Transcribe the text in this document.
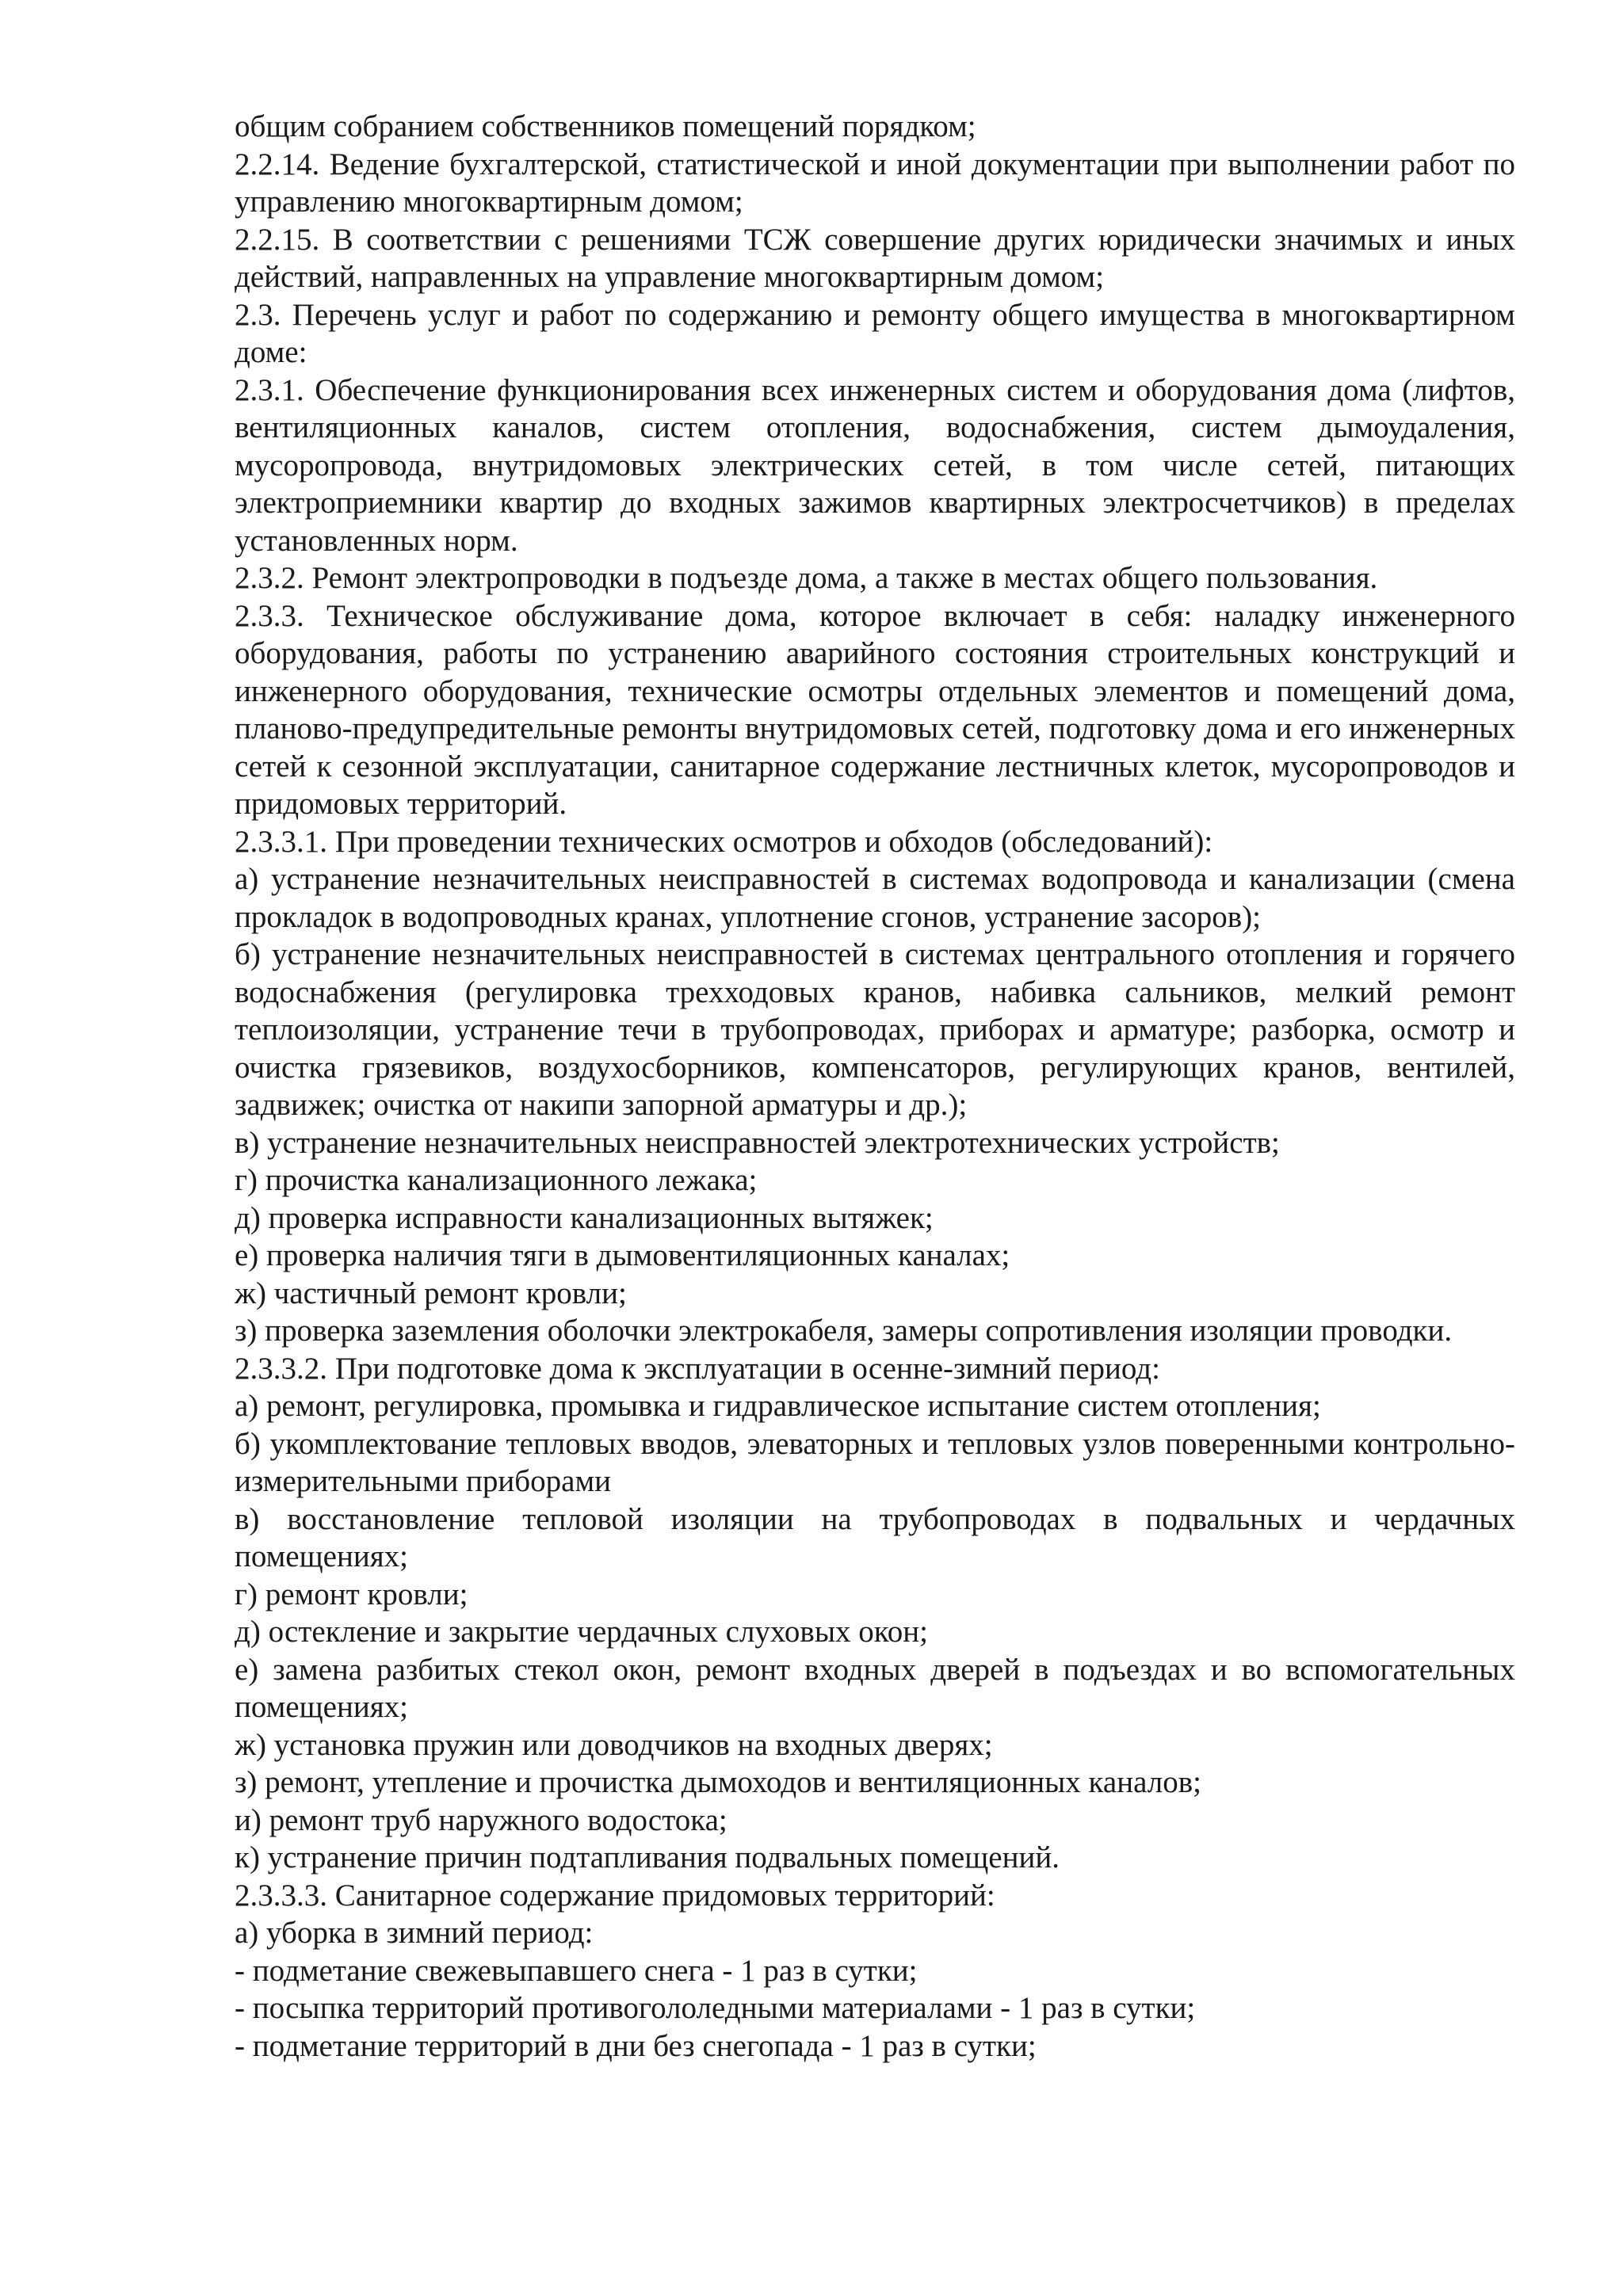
общим собранием собственников помещений порядком;

2.2.14. Ведение бухгалтерской, статистической и иной документации при выполнении работ по управлению многоквартирным домом;

2.2.15. В соответствии с решениями ТСЖ совершение других юридически значимых и иных действий, направленных на управление многоквартирным домом;

2.3. Перечень услуг и работ по содержанию и ремонту общего имущества в многоквартирном доме:

2.3.1. Обеспечение функционирования всех инженерных систем и оборудования дома (лифтов, вентиляционных каналов, систем отопления, водоснабжения, систем дымоудаления, мусоропровода, внутридомовых электрических сетей, в том числе сетей, питающих электроприемники квартир до входных зажимов квартирных электросчетчиков) в пределах установленных норм.

2.3.2. Ремонт электропроводки в подъезде дома, а также в местах общего пользования.

2.3.3. Техническое обслуживание дома, которое включает в себя: наладку инженерного оборудования, работы по устранению аварийного состояния строительных конструкций и инженерного оборудования, технические осмотры отдельных элементов и помещений дома, планово-предупредительные ремонты внутридомовых сетей, подготовку дома и его инженерных сетей к сезонной эксплуатации, санитарное содержание лестничных клеток, мусоропроводов и придомовых территорий.

2.3.3.1. При проведении технических осмотров и обходов (обследований):

а) устранение незначительных неисправностей в системах водопровода и канализации (смена прокладок в водопроводных кранах, уплотнение сгонов, устранение засоров);

б) устранение незначительных неисправностей в системах центрального отопления и горячего водоснабжения (регулировка трехходовых кранов, набивка сальников, мелкий ремонт теплоизоляции, устранение течи в трубопроводах, приборах и арматуре; разборка, осмотр и очистка грязевиков, воздухосборников, компенсаторов, регулирующих кранов, вентилей, задвижек; очистка от накипи запорной арматуры и др.);

в) устранение незначительных неисправностей электротехнических устройств;

г) прочистка канализационного лежака;

д) проверка исправности канализационных вытяжек;

е) проверка наличия тяги в дымовентиляционных каналах;

ж) частичный ремонт кровли;

з) проверка заземления оболочки электрокабеля, замеры сопротивления изоляции проводки.

2.3.3.2. При подготовке дома к эксплуатации в осенне-зимний период:

а) ремонт, регулировка, промывка и гидравлическое испытание систем отопления;

б) укомплектование тепловых вводов, элеваторных и тепловых узлов поверенными контрольно-измерительными приборами

в) восстановление тепловой изоляции на трубопроводах в подвальных и чердачных помещениях;

г) ремонт кровли;

д) остекление и закрытие чердачных слуховых окон;

е) замена разбитых стекол окон, ремонт входных дверей в подъездах и во вспомогательных помещениях;

ж) установка пружин или доводчиков на входных дверях;

з) ремонт, утепление и прочистка дымоходов и вентиляционных каналов;

и) ремонт труб наружного водостока;

к) устранение причин подтапливания подвальных помещений.

2.3.3.3. Санитарное содержание придомовых территорий:

а) уборка в зимний период:

- подметание свежевыпавшего снега - 1 раз в сутки;

- посыпка территорий противогололедными материалами - 1 раз в сутки;

- подметание территорий в дни без снегопада - 1 раз в сутки;
